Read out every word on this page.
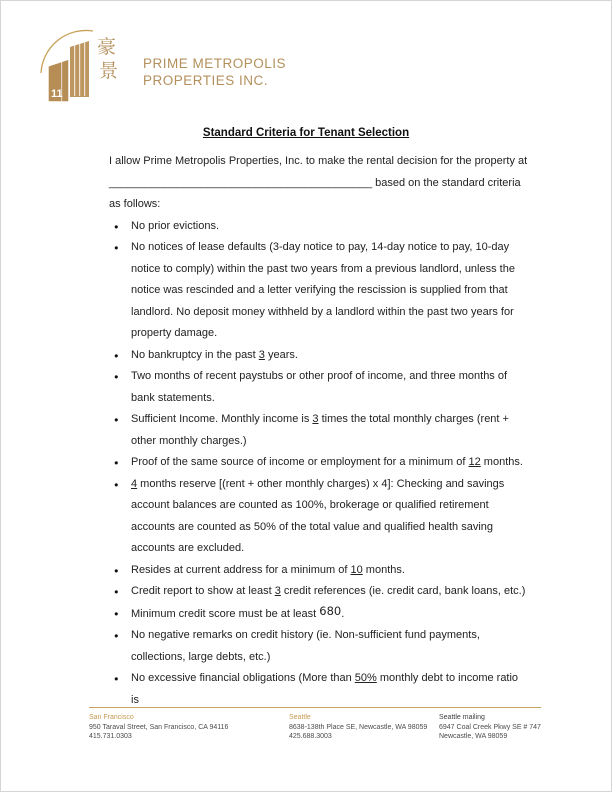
11
豪
景 PRIME METROPOLIS
PROPERTIES INC.
Standard Criteria for Tenant Selection
I allow Prime Metropolis Properties, Inc. to make the rental decision for the property at
___________________________________________ based on the standard criteria
as follows:
● No prior evictions.
● No notices of lease defaults (3-day notice to pay, 14-day notice to pay, 10-day notice to comply) within the past two years from a previous landlord, unless the notice was rescinded and a letter verifying the rescission is supplied from that landlord. No deposit money withheld by a landlord within the past two years for property damage.
● No bankruptcy in the past 3 years.
● Two months of recent paystubs or other proof of income, and three months of bank statements.
● Sufficient Income. Monthly income is 3 times the total monthly charges (rent + other monthly charges.)
● Proof of the same source of income or employment for a minimum of 12 months.
● 4 months reserve [(rent + other monthly charges) x 4]: Checking and savings account balances are counted as 100%, brokerage or qualified retirement accounts are counted as 50% of the total value and qualified health saving accounts are excluded.
● Resides at current address for a minimum of 10 months.
● Credit report to show at least 3 credit references (ie. credit card, bank loans, etc.)
● Minimum credit score must be at least 680.
● No negative remarks on credit history (ie. Non-sufficient fund payments, collections, large debts, etc.)
● No excessive financial obligations (More than 50% monthly debt to income ratio is
San Francisco
950 Taraval Street, San Francisco, CA 94116
415.731.0303
Seattle
8638-138th Place SE, Newcastle, WA 98059
425.688.3003
Seattle mailing
6947 Coal Creek Pkwy SE # 747
Newcastle, WA 98059
